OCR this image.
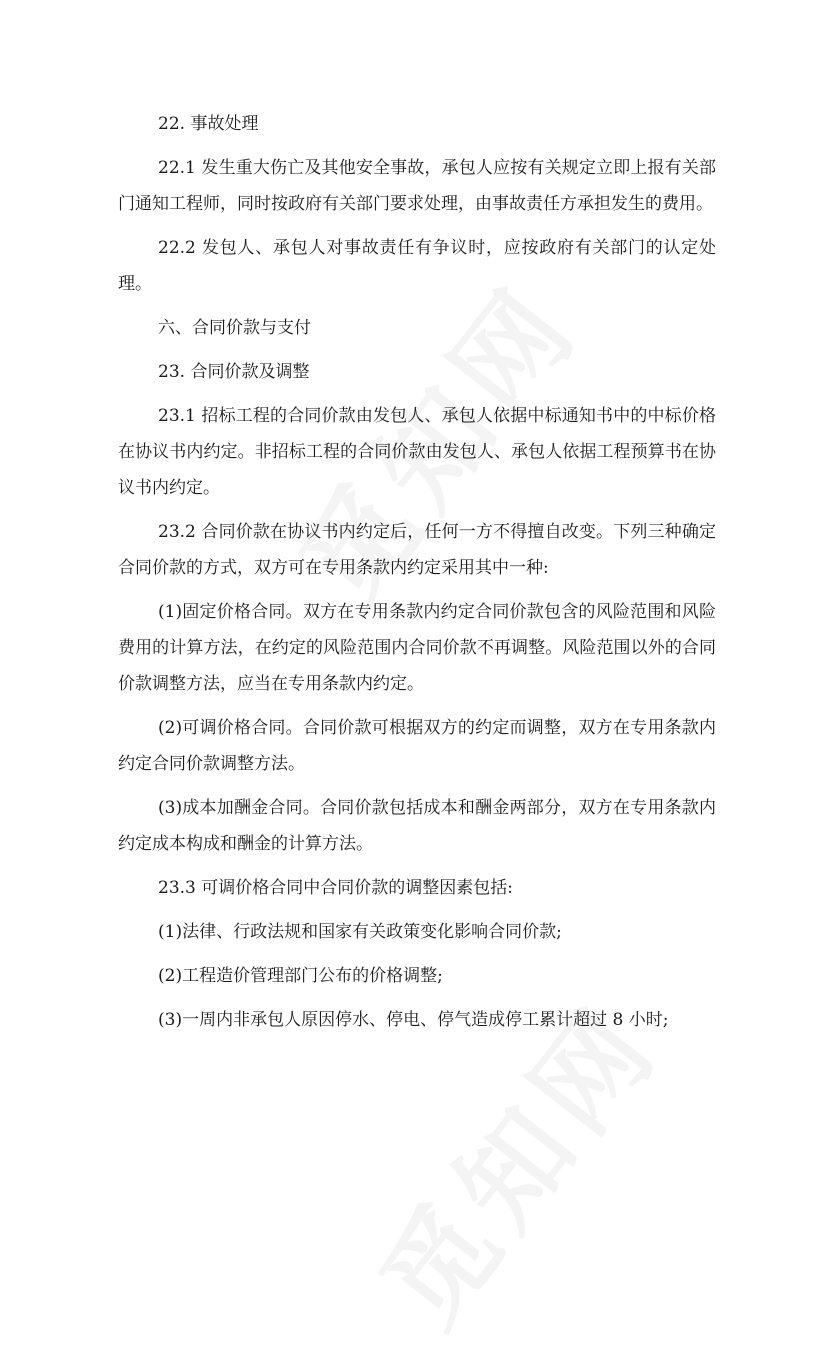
22. 事故处理

22.1 发生重大伤亡及其他安全事故，承包人应按有关规定立即上报有关部门通知工程师，同时按政府有关部门要求处理，由事故责任方承担发生的费用。

22.2 发包人、承包人对事故责任有争议时，应按政府有关部门的认定处理。

六、合同价款与支付

23. 合同价款及调整

23.1 招标工程的合同价款由发包人、承包人依据中标通知书中的中标价格在协议书内约定。非招标工程的合同价款由发包人、承包人依据工程预算书在协议书内约定。

23.2 合同价款在协议书内约定后，任何一方不得擅自改变。下列三种确定合同价款的方式，双方可在专用条款内约定采用其中一种:

(1)固定价格合同。双方在专用条款内约定合同价款包含的风险范围和风险费用的计算方法，在约定的风险范围内合同价款不再调整。风险范围以外的合同价款调整方法，应当在专用条款内约定。

(2)可调价格合同。合同价款可根据双方的约定而调整，双方在专用条款内约定合同价款调整方法。

(3)成本加酬金合同。合同价款包括成本和酬金两部分，双方在专用条款内约定成本构成和酬金的计算方法。

23.3 可调价格合同中合同价款的调整因素包括:

(1)法律、行政法规和国家有关政策变化影响合同价款;

(2)工程造价管理部门公布的价格调整;

(3)一周内非承包人原因停水、停电、停气造成停工累计超过 8 小时;
